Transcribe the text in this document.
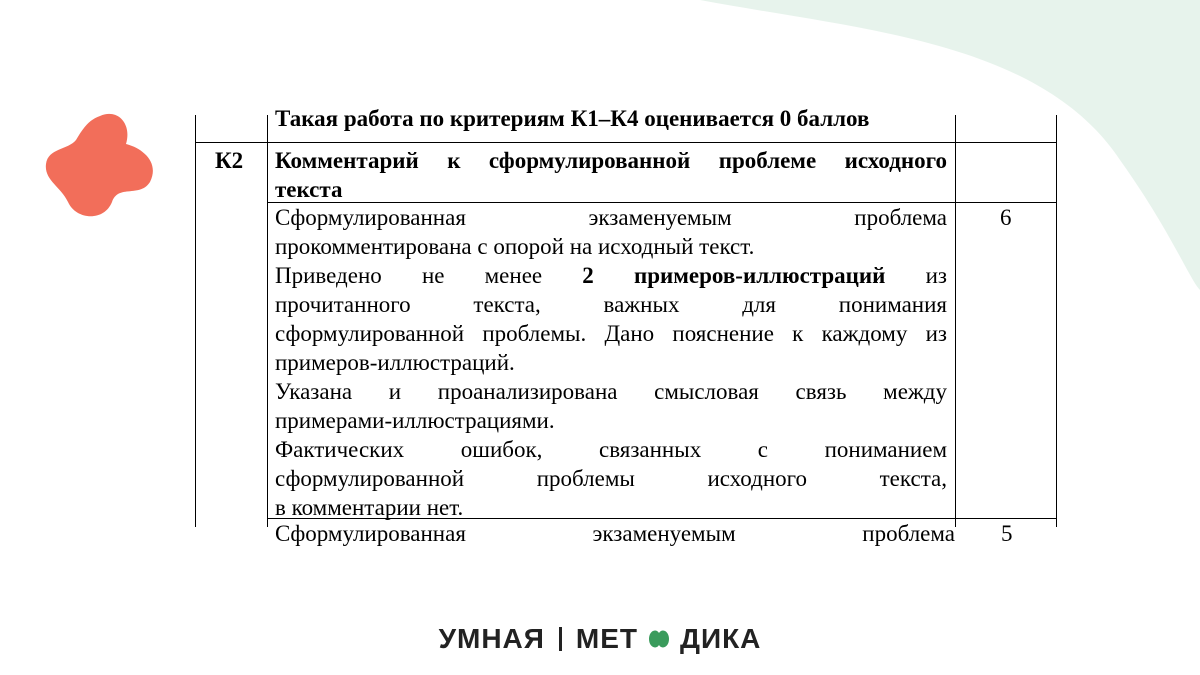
Такая работа по критериям К1–К4 оценивается 0 баллов
К2 Комментарий к сформулированной проблеме исходного
текста
Сформулированная экзаменуемым проблема
прокомментирована с опорой на исходный текст.
Приведено не менее 2 примеров-иллюстраций из
прочитанного текста, важных для понимания
сформулированной проблемы. Дано пояснение к каждому из
примеров-иллюстраций.
Указана и проанализирована смысловая связь между
примерами-иллюстрациями.
Фактических ошибок, связанных с пониманием
сформулированной проблемы исходного текста,
в комментарии нет.
6
Сформулированная экзаменуемым проблема 5
УМНАЯ МЕТ ДИКА
